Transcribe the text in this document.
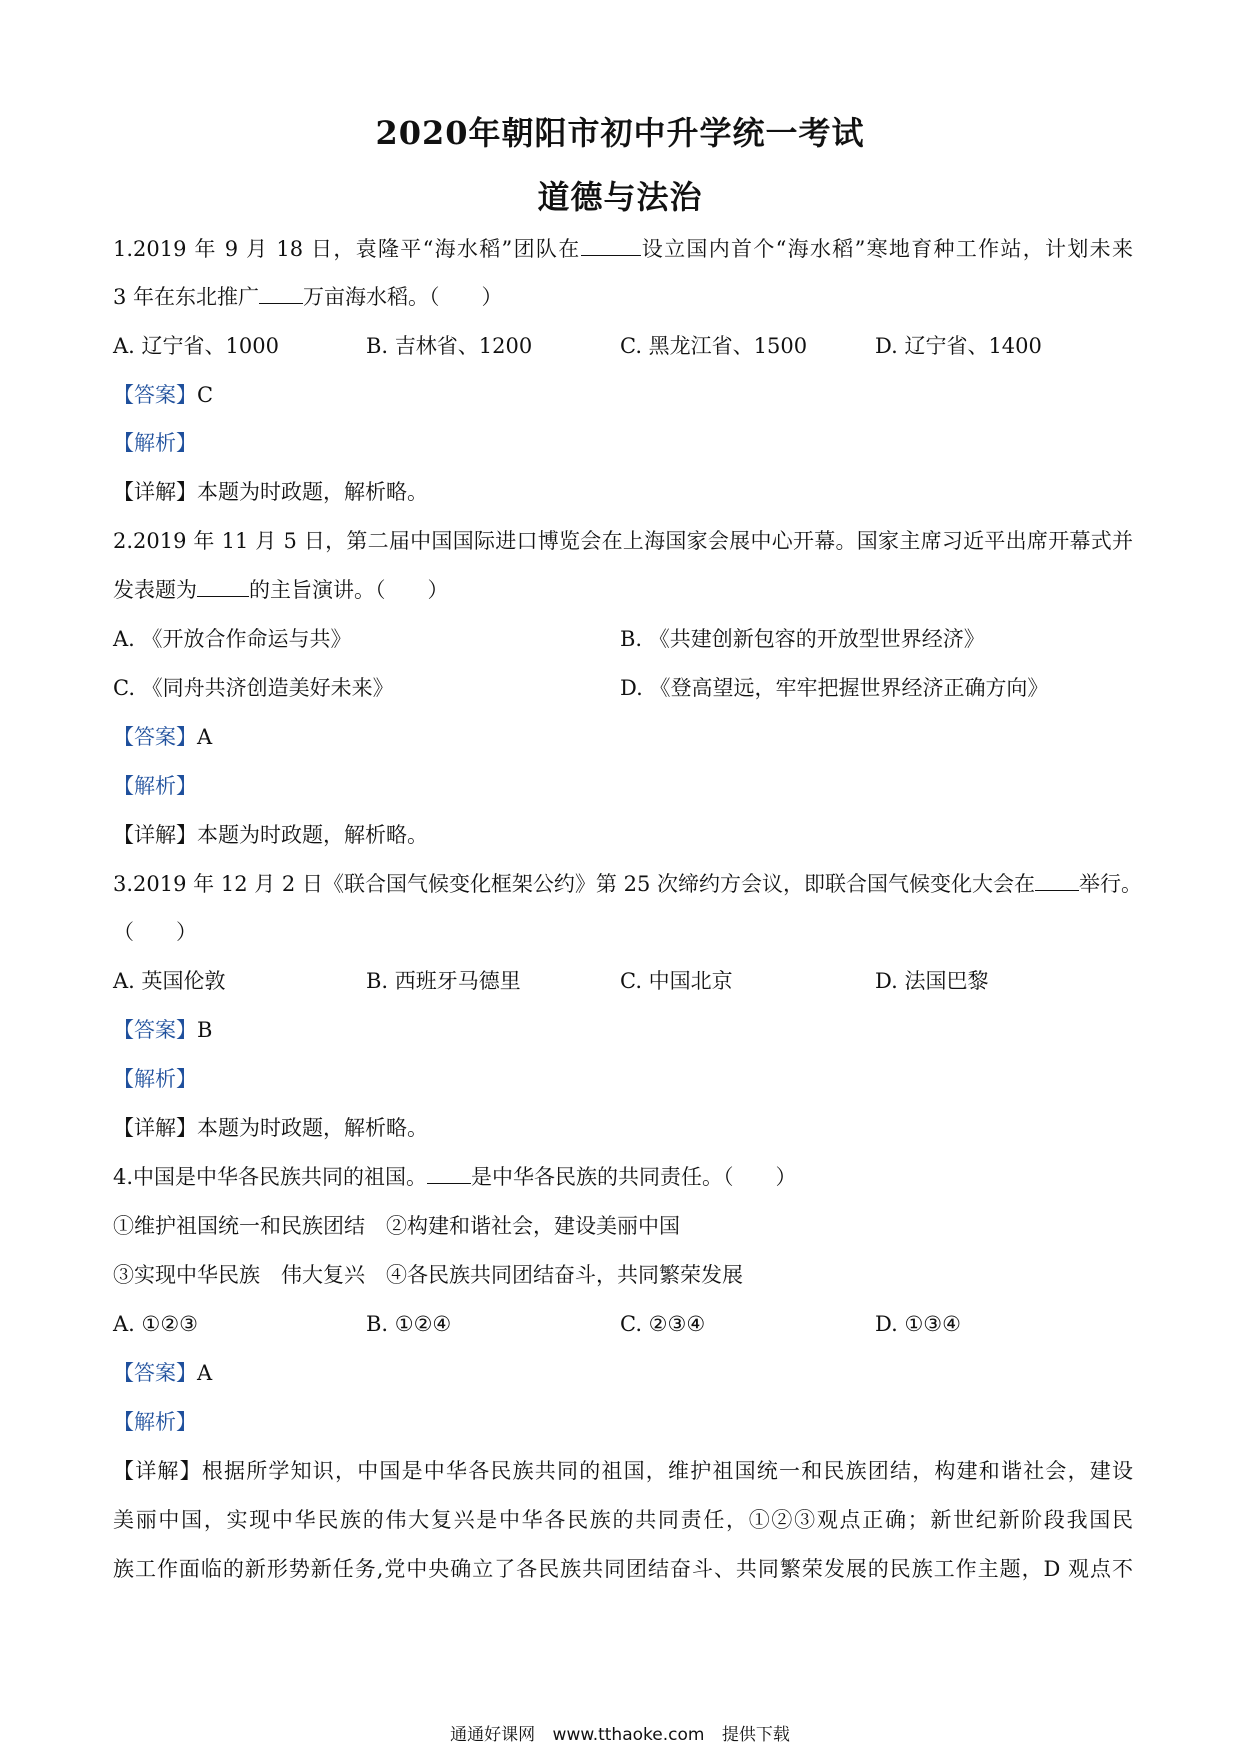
2020年朝阳市初中升学统一考试
道德与法治
1.2019 年 9 月 18 日，袁隆平“海水稻”团队在	设立国内首个“海水稻”寒地育种工作站，计划未来
3 年在东北推广 万亩海水稻。（　　）
A. 辽宁省、1000	B. 吉林省、1200	C. 黑龙江省、1500	D. 辽宁省、1400
【答案】C
【解析】
【详解】本题为时政题，解析略。
2.2019 年 11 月 5 日，第二届中国国际进口博览会在上海国家会展中心开幕。国家主席习近平出席开幕式并
发表题为 的主旨演讲。（　　）
A. 《开放合作命运与共》	B. 《共建创新包容的开放型世界经济》
C. 《同舟共济创造美好未来》	D. 《登高望远，牢牢把握世界经济正确方向》
【答案】A
【解析】
【详解】本题为时政题，解析略。
3.2019 年 12 月 2 日《联合国气候变化框架公约》第 25 次缔约方会议，即联合国气候变化大会在 举行。
（　　）
A. 英国伦敦	B. 西班牙马德里	C. 中国北京	D. 法国巴黎
【答案】B
【解析】
【详解】本题为时政题，解析略。
4.中国是中华各民族共同的祖国。 是中华各民族的共同责任。（　　）
①维护祖国统一和民族团结　②构建和谐社会，建设美丽中国
③实现中华民族　伟大复兴　④各民族共同团结奋斗，共同繁荣发展
A. ①②③	B. ①②④	C. ②③④	D. ①③④
【答案】A
【解析】
【详解】根据所学知识，中国是中华各民族共同的祖国，维护祖国统一和民族团结，构建和谐社会，建设
美丽中国，实现中华民族的伟大复兴是中华各民族的共同责任，①②③观点正确；新世纪新阶段我国民
族工作面临的新形势新任务,党中央确立了各民族共同团结奋斗、共同繁荣发展的民族工作主题，D 观点不
通通好课网 www.tthaoke.com 提供下载
